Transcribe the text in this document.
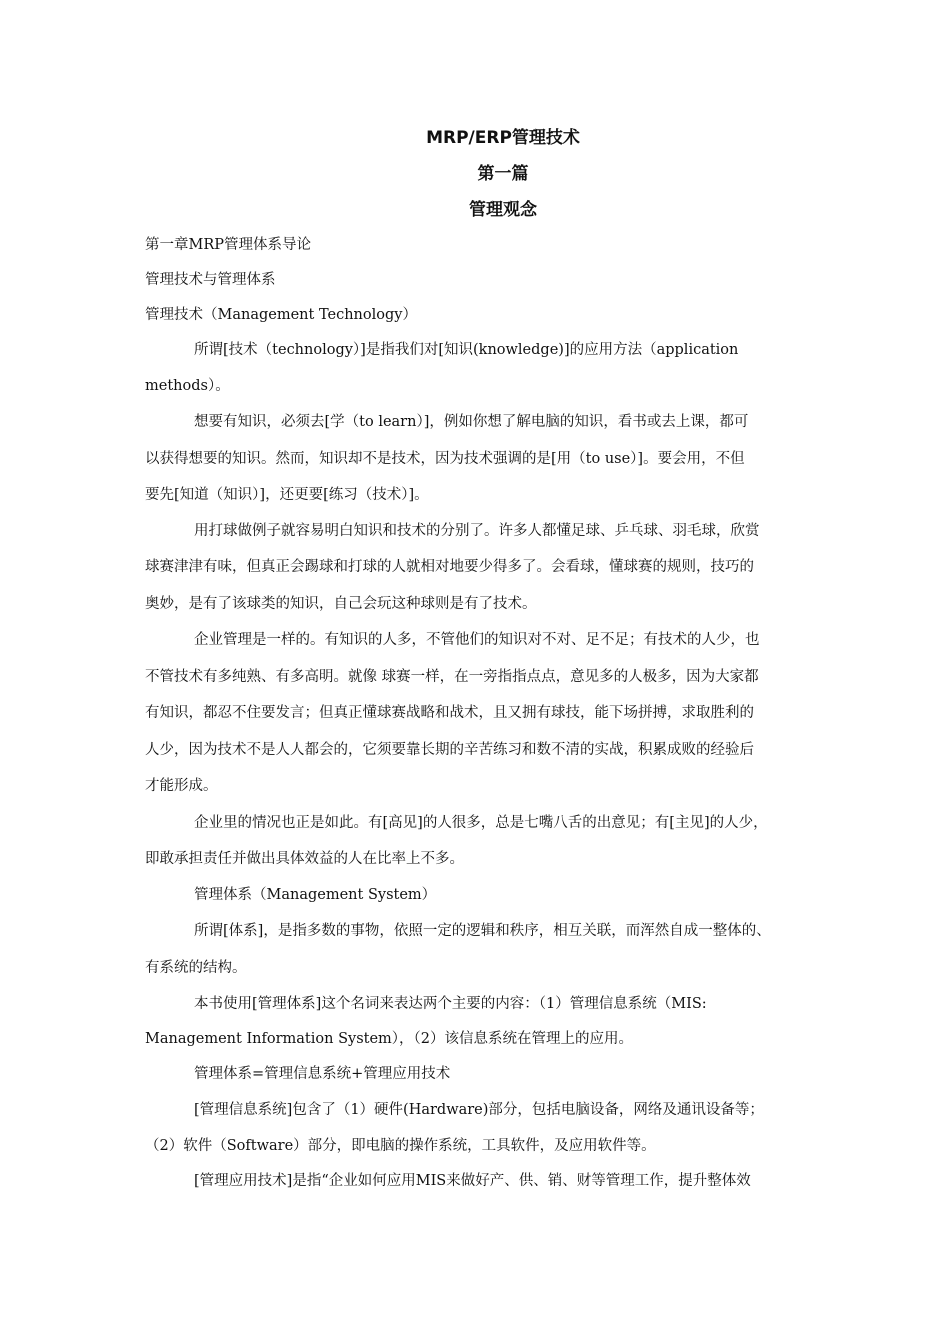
MRP/ERP管理技术
第一篇
管理观念
第一章MRP管理体系导论
管理技术与管理体系
管理技术（Management Technology）
所谓[技术（technology）]是指我们对[知识(knowledge)]的应用方法（application
methods）。
想要有知识，必须去[学（to learn）]，例如你想了解电脑的知识，看书或去上课，都可
以获得想要的知识。然而，知识却不是技术，因为技术强调的是[用（to use）]。要会用，不但
要先[知道（知识）]，还更要[练习（技术）]。
用打球做例子就容易明白知识和技术的分别了。许多人都懂足球、乒乓球、羽毛球，欣赏
球赛津津有味，但真正会踢球和打球的人就相对地要少得多了。会看球，懂球赛的规则，技巧的
奥妙，是有了该球类的知识，自己会玩这种球则是有了技术。
企业管理是一样的。有知识的人多，不管他们的知识对不对、足不足；有技术的人少，也
不管技术有多纯熟、有多高明。就像 球赛一样，在一旁指指点点，意见多的人极多，因为大家都
有知识，都忍不住要发言；但真正懂球赛战略和战术，且又拥有球技，能下场拼搏，求取胜利的
人少，因为技术不是人人都会的，它须要靠长期的辛苦练习和数不清的实战，积累成败的经验后
才能形成。
企业里的情况也正是如此。有[高见]的人很多，总是七嘴八舌的出意见；有[主见]的人少，
即敢承担责任并做出具体效益的人在比率上不多。
管理体系（Management System）
所谓[体系]，是指多数的事物，依照一定的逻辑和秩序，相互关联，而浑然自成一整体的、
有系统的结构。
本书使用[管理体系]这个名词来表达两个主要的内容：（1）管理信息系统（MIS:
Management Information System），（2）该信息系统在管理上的应用。
管理体系=管理信息系统+管理应用技术
[管理信息系统]包含了（1）硬件(Hardware)部分，包括电脑设备，网络及通讯设备等；
（2）软件（Software）部分，即电脑的操作系统，工具软件，及应用软件等。
[管理应用技术]是指“企业如何应用MIS来做好产、供、销、财等管理工作，提升整体效
